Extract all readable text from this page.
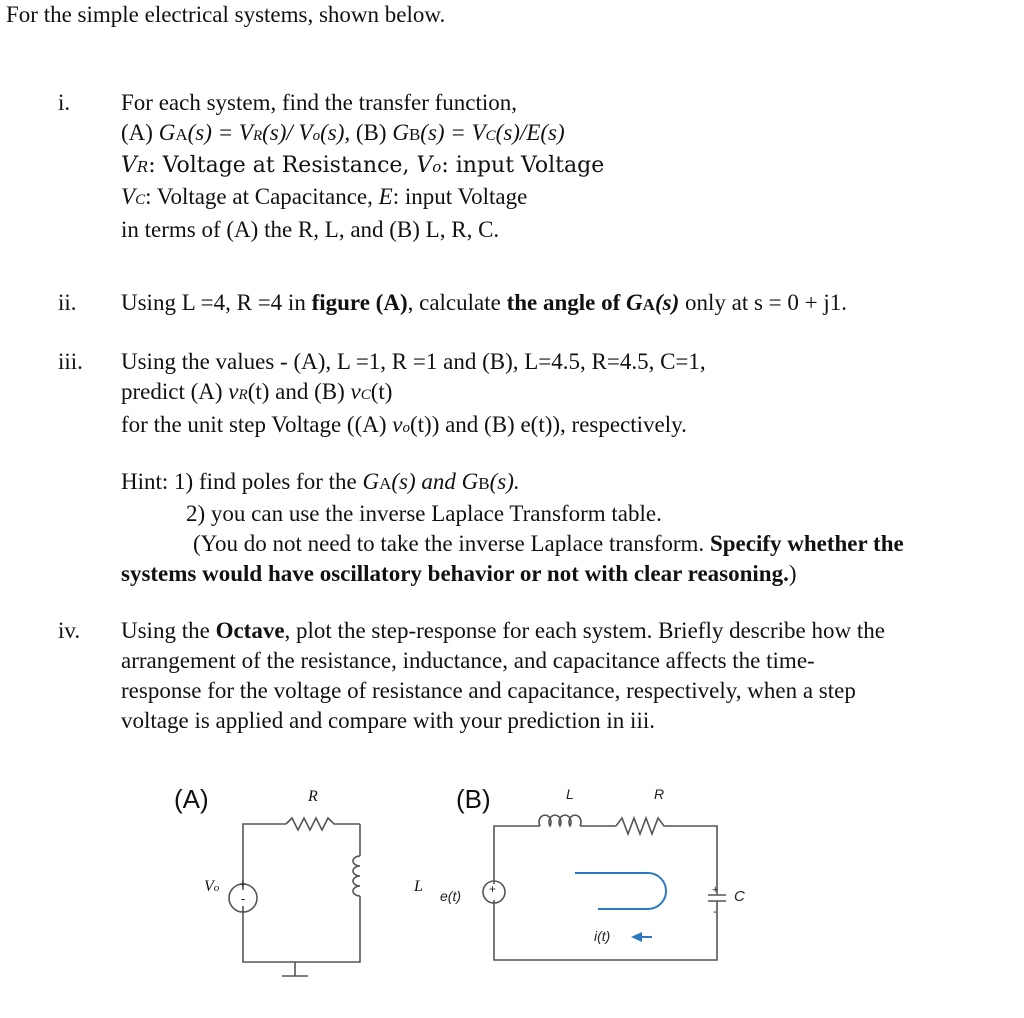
For the simple electrical systems, shown below.
i. For each system, find the transfer function,
(A) GA(s) = VR(s)/ Vo(s), (B) GB(s) = VC(s)/E(s)
VR: Voltage at Resistance, Vo: input Voltage
VC: Voltage at Capacitance, E: input Voltage
in terms of (A) the R, L, and (B) L, R, C.
ii. Using L =4, R =4 in figure (A), calculate the angle of GA(s) only at s = 0 + j1.
iii. Using the values - (A), L =1, R =1 and (B), L=4.5, R=4.5, C=1,
predict (A) vR(t) and (B) vC(t)
for the unit step Voltage ((A) vo(t)) and (B) e(t)), respectively.
Hint: 1) find poles for the GA(s) and GB(s).
2) you can use the inverse Laplace Transform table.
(You do not need to take the inverse Laplace transform. Specify whether the
systems would have oscillatory behavior or not with clear reasoning.)
iv. Using the Octave, plot the step-response for each system. Briefly describe how the
arrangement of the resistance, inductance, and capacitance affects the time-
response for the voltage of resistance and capacitance, respectively, when a step
voltage is applied and compare with your prediction in iii.
(A)	R
L
Vo +
-
(B)	L	R
C
e(t)
i(t)
+	+
-
